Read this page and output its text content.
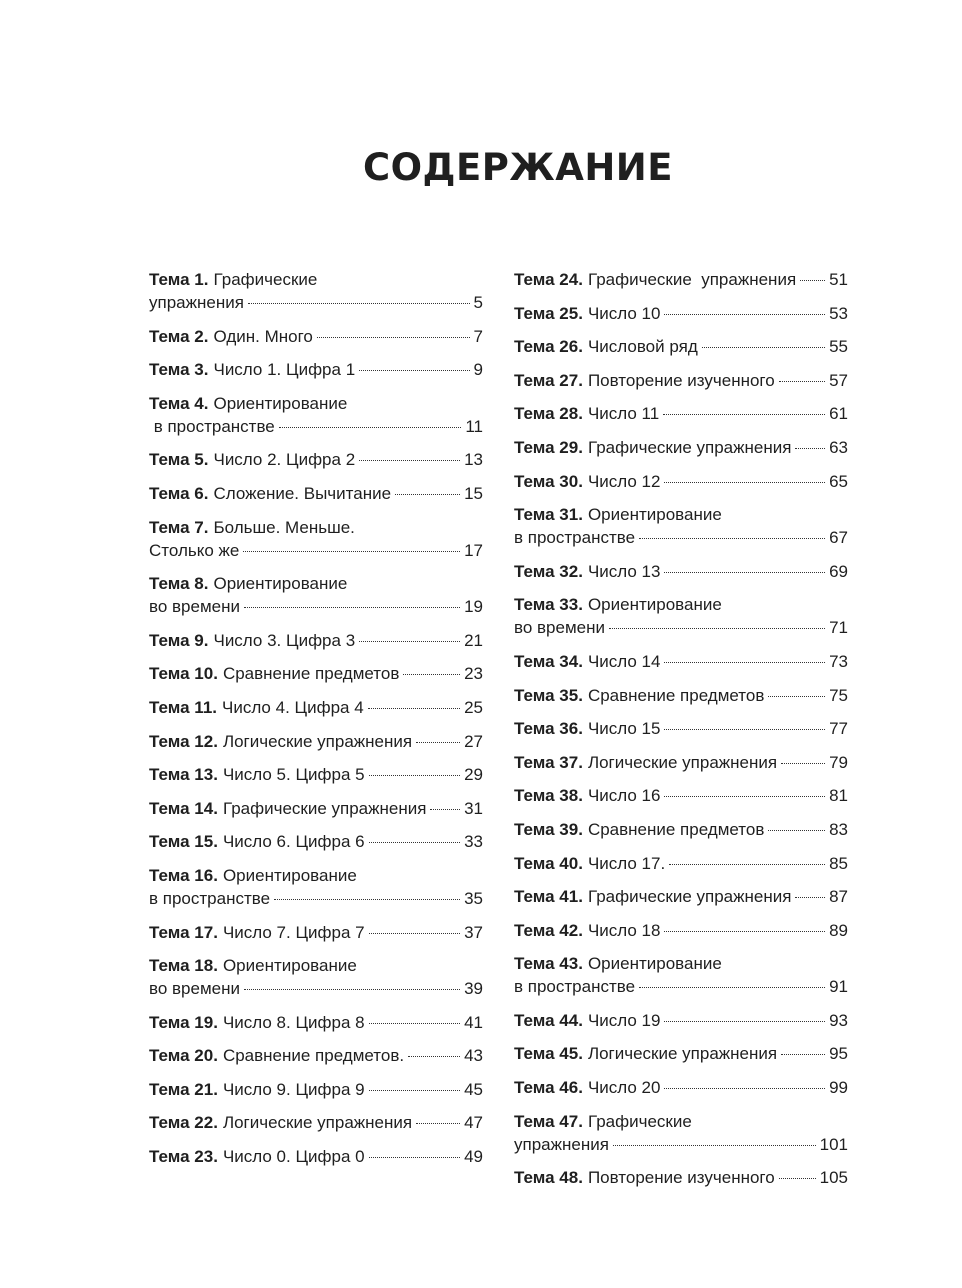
СОДЕРЖАНИЕ
Тема 1. Графические
упражнения	5
Тема 2. Один. Много	7
Тема 3. Число 1. Цифра 1	9
Тема 4. Ориентирование
в пространстве	11
Тема 5. Число 2. Цифра 2	13
Тема 6. Сложение. Вычитание	15
Тема 7. Больше. Меньше.
Столько же	17
Тема 8. Ориентирование
во времени	19
Тема 9. Число 3. Цифра 3	21
Тема 10. Сравнение предметов	23
Тема 11. Число 4. Цифра 4	25
Тема 12. Логические упражнения	27
Тема 13. Число 5. Цифра 5	29
Тема 14. Графические упражнения 31
Тема 15. Число 6. Цифра 6	33
Тема 16. Ориентирование
в пространстве	35
Тема 17. Число 7. Цифра 7	37
Тема 18. Ориентирование
во времени	39
Тема 19. Число 8. Цифра 8	41
Тема 20. Сравнение предметов.	43
Тема 21. Число 9. Цифра 9	45
Тема 22. Логические упражнения	47
Тема 23. Число 0. Цифра 0	49
Тема 24. Графические  упражнения 51
Тема 25. Число 10	53
Тема 26. Числовой ряд	55
Тема 27. Повторение изученного	57
Тема 28. Число 11	61
Тема 29. Графические упражнения 63
Тема 30. Число 12	65
Тема 31. Ориентирование
в пространстве	67
Тема 32. Число 13	69
Тема 33. Ориентирование
во времени	71
Тема 34. Число 14	73
Тема 35. Сравнение предметов	75
Тема 36. Число 15	77
Тема 37. Логические упражнения	79
Тема 38. Число 16	81
Тема 39. Сравнение предметов	83
Тема 40. Число 17.	85
Тема 41. Графические упражнения 87
Тема 42. Число 18	89
Тема 43. Ориентирование
в пространстве	91
Тема 44. Число 19	93
Тема 45. Логические упражнения	95
Тема 46. Число 20	99
Тема 47. Графические
упражнения	101
Тема 48. Повторение изученного	105
